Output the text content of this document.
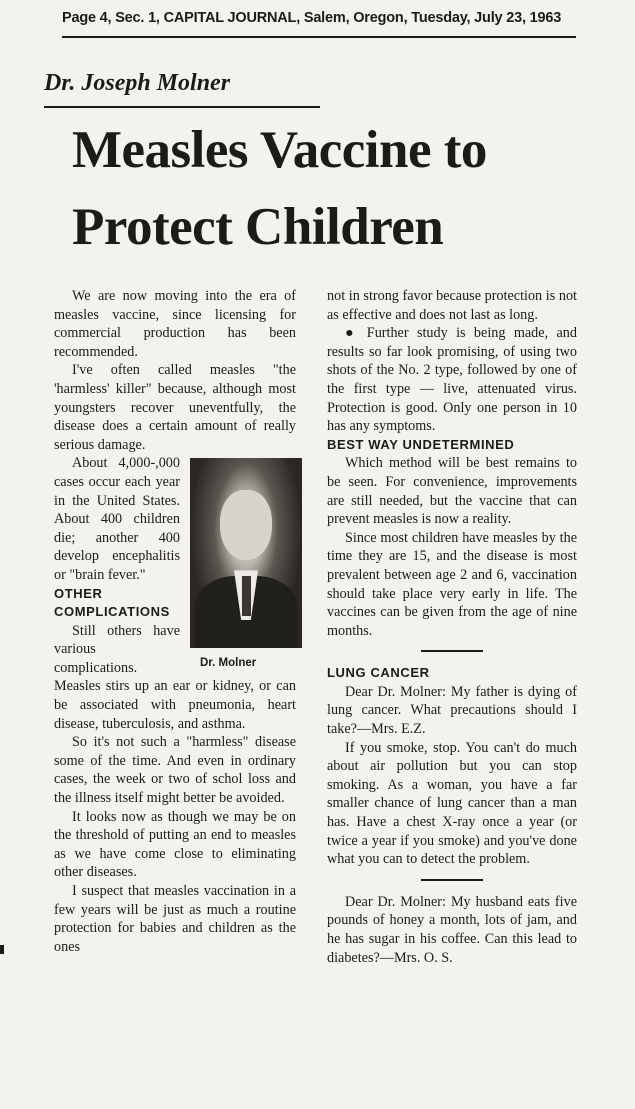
Page 4, Sec. 1, CAPITAL JOURNAL, Salem, Oregon, Tuesday, July 23, 1963
Dr. Joseph Molner
Measles Vaccine to Protect Children

We are now moving into the era of measles vaccine, since licensing for commercial production has been recommended.

I've often called measles "the 'harmless' killer" because, although most youngsters recover uneventfully, the disease does a certain amount of really serious damage.

Dr. Molner

About 4,000-,000 cases occur each year in the United States. About 400 children die; another 400 develop encephalitis or "brain fever."

OTHER COMPLICATIONS

Still others have various complications. Measles stirs up an ear or kidney, or can be associated with pneumonia, heart disease, tuberculosis, and asthma.

So it's not such a "harmless" disease some of the time. And even in ordinary cases, the week or two of schol loss and the illness itself might better be avoided.

It looks now as though we may be on the threshold of putting an end to measles as we have come close to eliminating other diseases.

I suspect that measles vaccination in a few years will be just as much a routine protection for babies and children as the ones

not in strong favor because protection is not as effective and does not last as long.

● Further study is being made, and results so far look promising, of using two shots of the No. 2 type, followed by one of the first type — live, attenuated virus. Protection is good. Only one person in 10 has any symptoms.

BEST WAY UNDETERMINED

Which method will be best remains to be seen. For convenience, improvements are still needed, but the vaccine that can prevent measles is now a reality.

Since most children have measles by the time they are 15, and the disease is most prevalent between age 2 and 6, vaccination should take place very early in life. The vaccines can be given from the age of nine months.

LUNG CANCER

Dear Dr. Molner: My father is dying of lung cancer. What precautions should I take?—Mrs. E.Z.

If you smoke, stop. You can't do much about air pollution but you can stop smoking. As a woman, you have a far smaller chance of lung cancer than a man has. Have a chest X-ray once a year (or twice a year if you smoke) and you've done what you can to detect the problem.

Dear Dr. Molner: My husband eats five pounds of honey a month, lots of jam, and he has sugar in his coffee. Can this lead to diabetes?—Mrs. O. S.
